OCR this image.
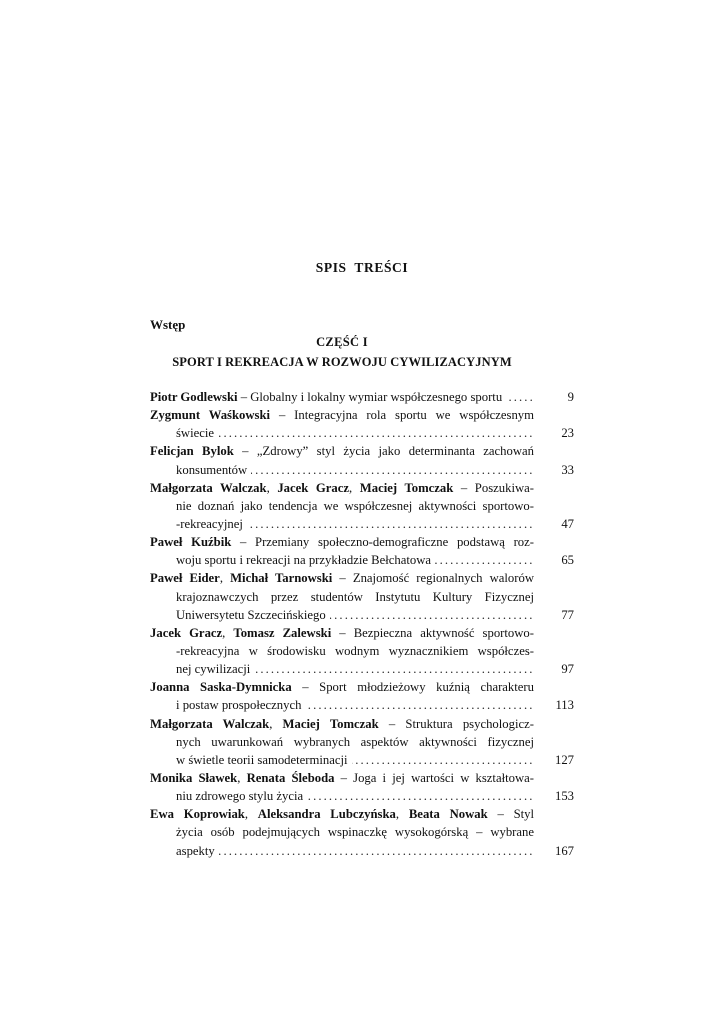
SPIS TREŚCI
Wstęp
CZĘŚĆ I
SPORT I REKREACJA W ROZWOJU CYWILIZACYJNYM
.....
Piotr Godlewski – Globalny i lokalny wymiar współczesnego sportu	9
Zygmunt Waśkowski – Integracyjna rola sportu we współczesnym
.....
świecie	23
Felicjan Bylok – „Zdrowy” styl życia jako determinanta zachowań
.....
konsumentów	33
Małgorzata Walczak, Jacek Gracz, Maciej Tomczak – Poszukiwa-
nie doznań jako tendencja we współczesnej aktywności sportowo-
.....
-rekreacyjnej	47
Paweł Kuźbik – Przemiany społeczno-demograficzne podstawą roz-
.....
woju sportu i rekreacji na przykładzie Bełchatowa	65
Paweł Eider, Michał Tarnowski – Znajomość regionalnych walorów
krajoznawczych przez studentów Instytutu Kultury Fizycznej
.....
Uniwersytetu Szczecińskiego	77
Jacek Gracz, Tomasz Zalewski – Bezpieczna aktywność sportowo-
-rekreacyjna w środowisku wodnym wyznacznikiem współczes-
.....
nej cywilizacji	97
Joanna Saska-Dymnicka – Sport młodzieżowy kuźnią charakteru
.....
i postaw prospołecznych	113
Małgorzata Walczak, Maciej Tomczak – Struktura psychologicz-
nych uwarunkowań wybranych aspektów aktywności fizycznej
.....
w świetle teorii samodeterminacji	127
Monika Sławek, Renata Śleboda – Joga i jej wartości w kształtowa-
.....
niu zdrowego stylu życia	153
Ewa Koprowiak, Aleksandra Lubczyńska, Beata Nowak – Styl
życia osób podejmujących wspinaczkę wysokogórską – wybrane
.....
aspekty	167
